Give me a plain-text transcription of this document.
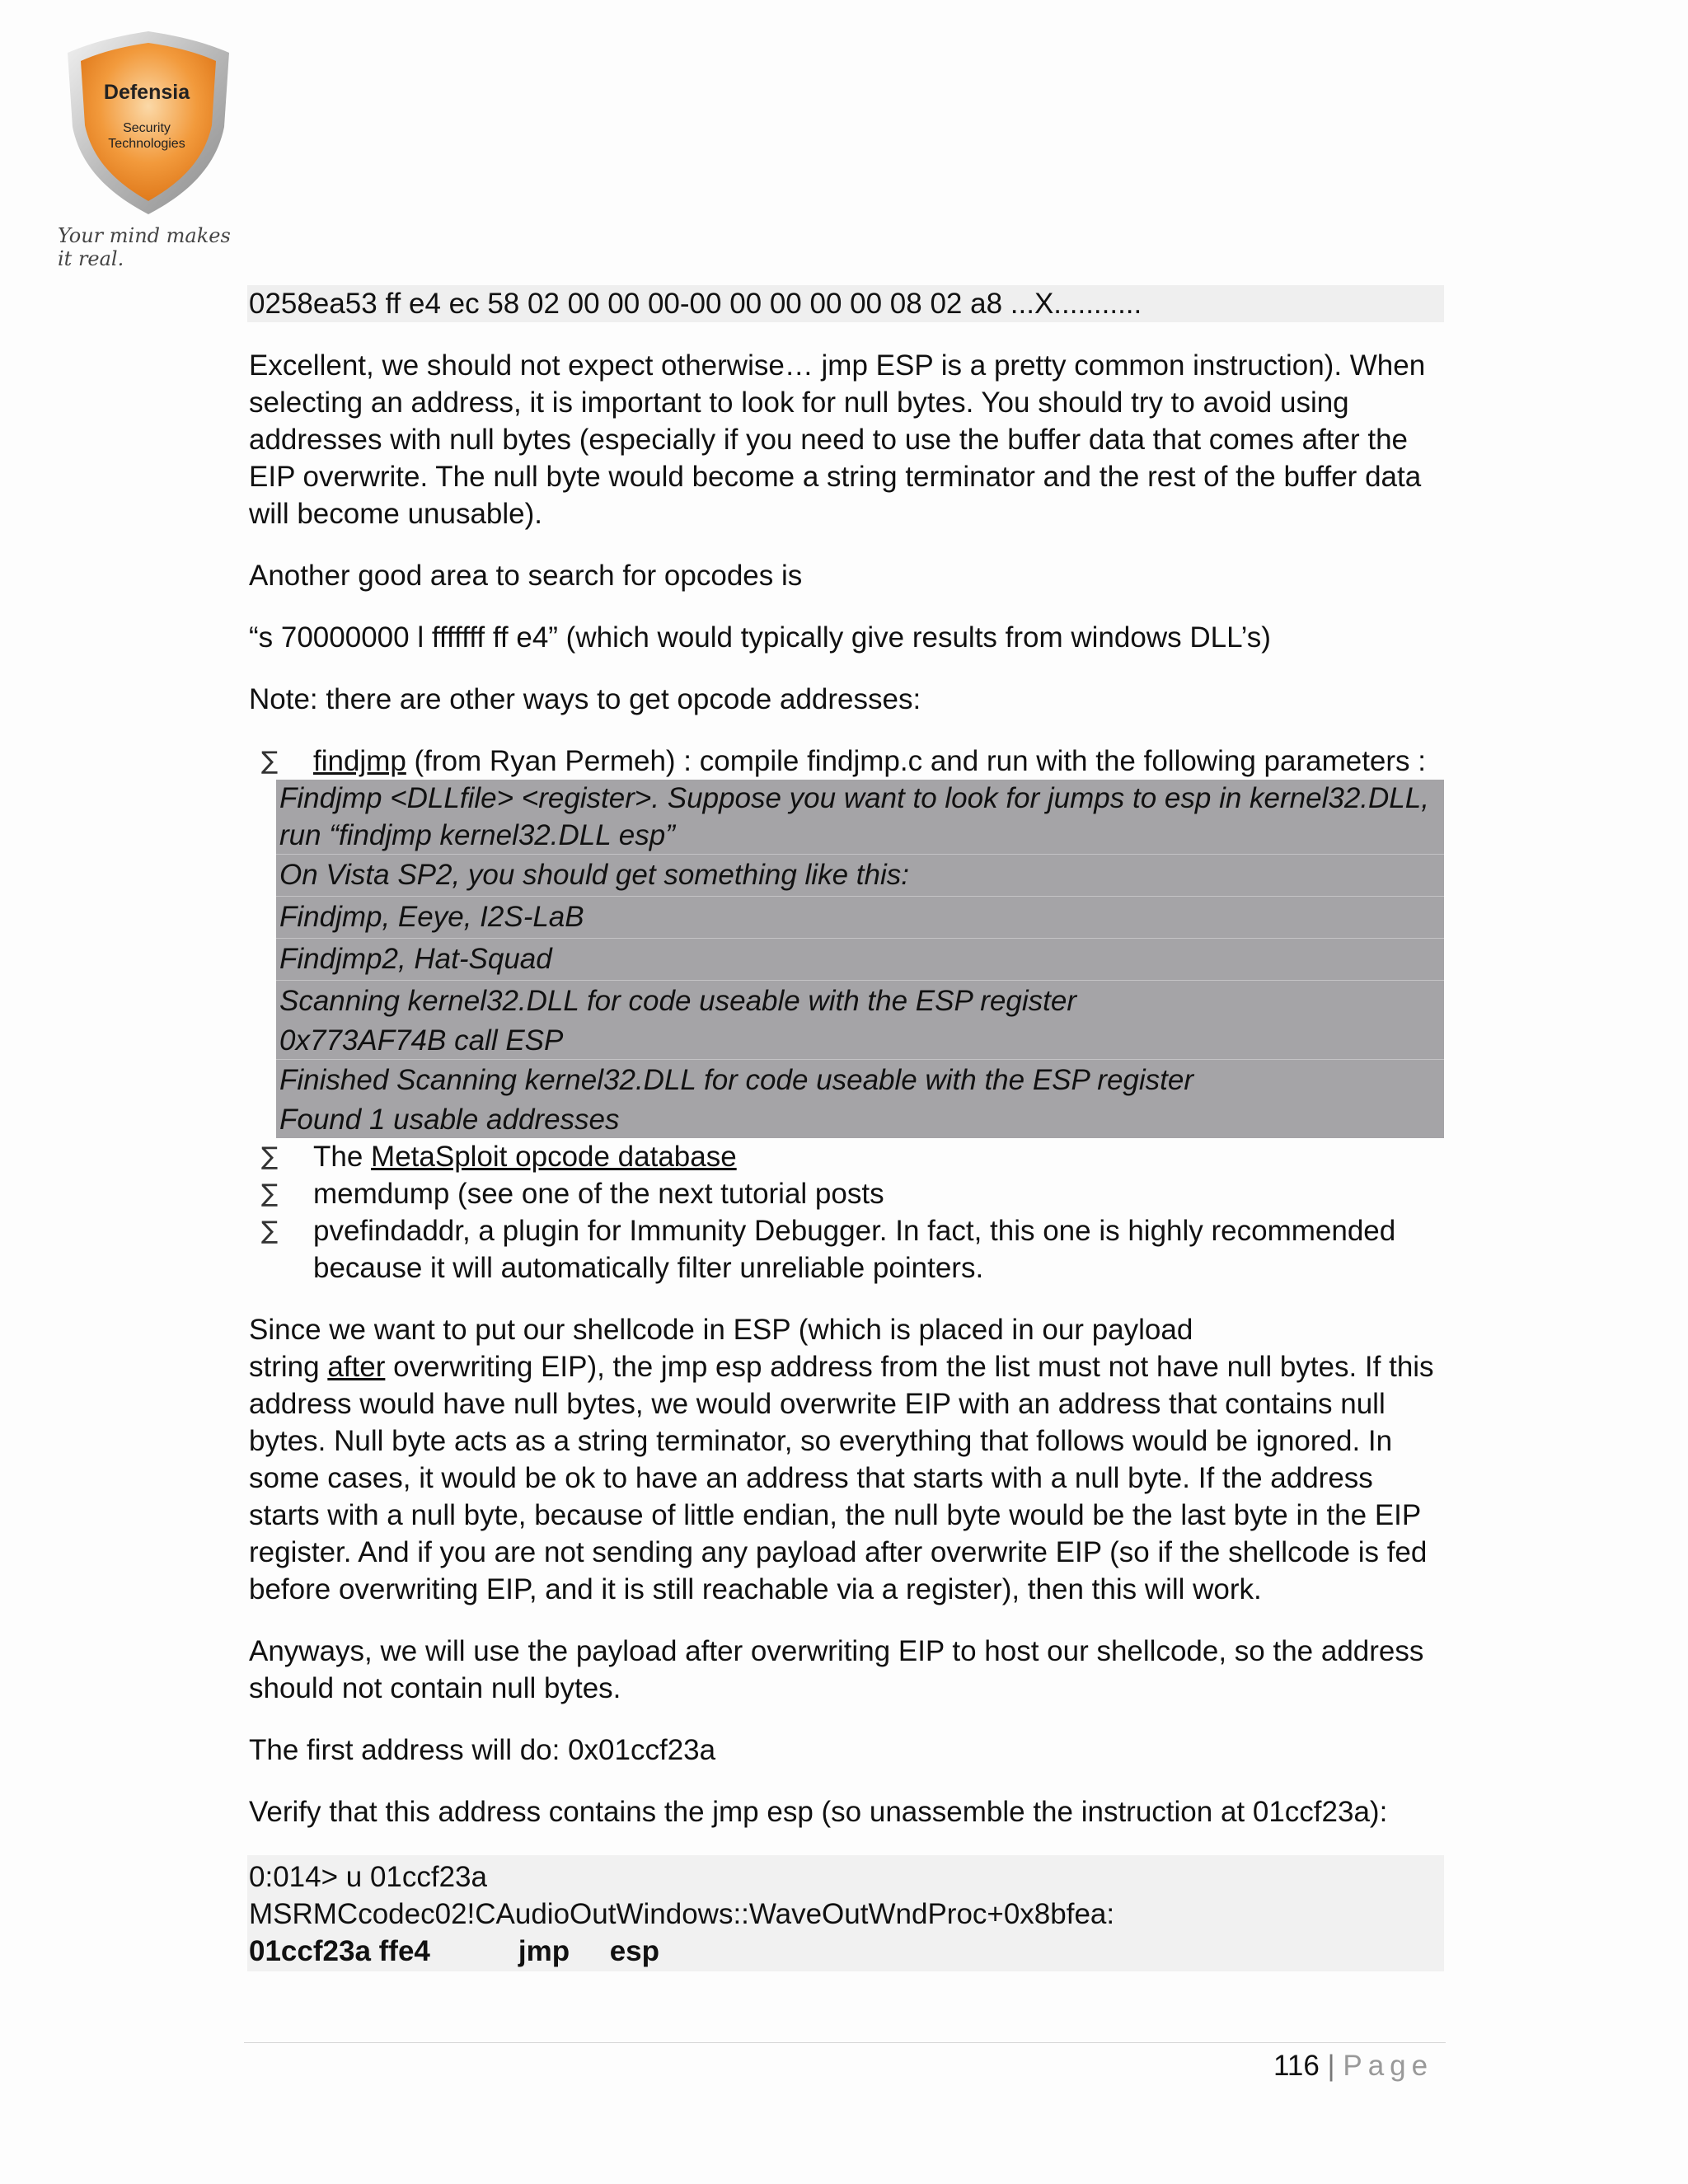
Defensia
Security
Technologies
Your mind makes it real.
0258ea53 ff e4 ec 58 02 00 00 00-00 00 00 00 00 08 02 a8 ...X...........

Excellent, we should not expect otherwise… jmp ESP is a pretty common instruction). When selecting an address, it is important to look for null bytes. You should try to avoid using addresses with null bytes (especially if you need to use the buffer data that comes after the EIP overwrite. The null byte would become a string terminator and the rest of the buffer data will become unusable).

Another good area to search for opcodes is

“s 70000000 l fffffff ff e4” (which would typically give results from windows DLL’s)

Note: there are other ways to get opcode addresses:

∑ findjmp (from Ryan Permeh) : compile findjmp.c and run with the following parameters :
Findjmp <DLLfile> <register>. Suppose you want to look for jumps to esp in kernel32.DLL,
run “findjmp kernel32.DLL esp”
On Vista SP2, you should get something like this:
Findjmp, Eeye, I2S-LaB
Findjmp2, Hat-Squad
Scanning kernel32.DLL for code useable with the ESP register
0x773AF74B call ESP
Finished Scanning kernel32.DLL for code useable with the ESP register
Found 1 usable addresses
∑ The MetaSploit opcode database
∑ memdump (see one of the next tutorial posts
∑ pvefindaddr, a plugin for Immunity Debugger. In fact, this one is highly recommended because it will automatically filter unreliable pointers.

Since we want to put our shellcode in ESP (which is placed in our payload
string after overwriting EIP), the jmp esp address from the list must not have null bytes. If this address would have null bytes, we would overwrite EIP with an address that contains null bytes. Null byte acts as a string terminator, so everything that follows would be ignored. In some cases, it would be ok to have an address that starts with a null byte. If the address starts with a null byte, because of little endian, the null byte would be the last byte in the EIP register. And if you are not sending any payload after overwrite EIP (so if the shellcode is fed before overwriting EIP, and it is still reachable via a register), then this will work.

Anyways, we will use the payload after overwriting EIP to host our shellcode, so the address should not contain null bytes.

The first address will do: 0x01ccf23a

Verify that this address contains the jmp esp (so unassemble the instruction at 01ccf23a):

0:014> u 01ccf23a
MSRMCcodec02!CAudioOutWindows::WaveOutWndProc+0x8bfea:
01ccf23a ffe4           jmp     esp
116 | Page
